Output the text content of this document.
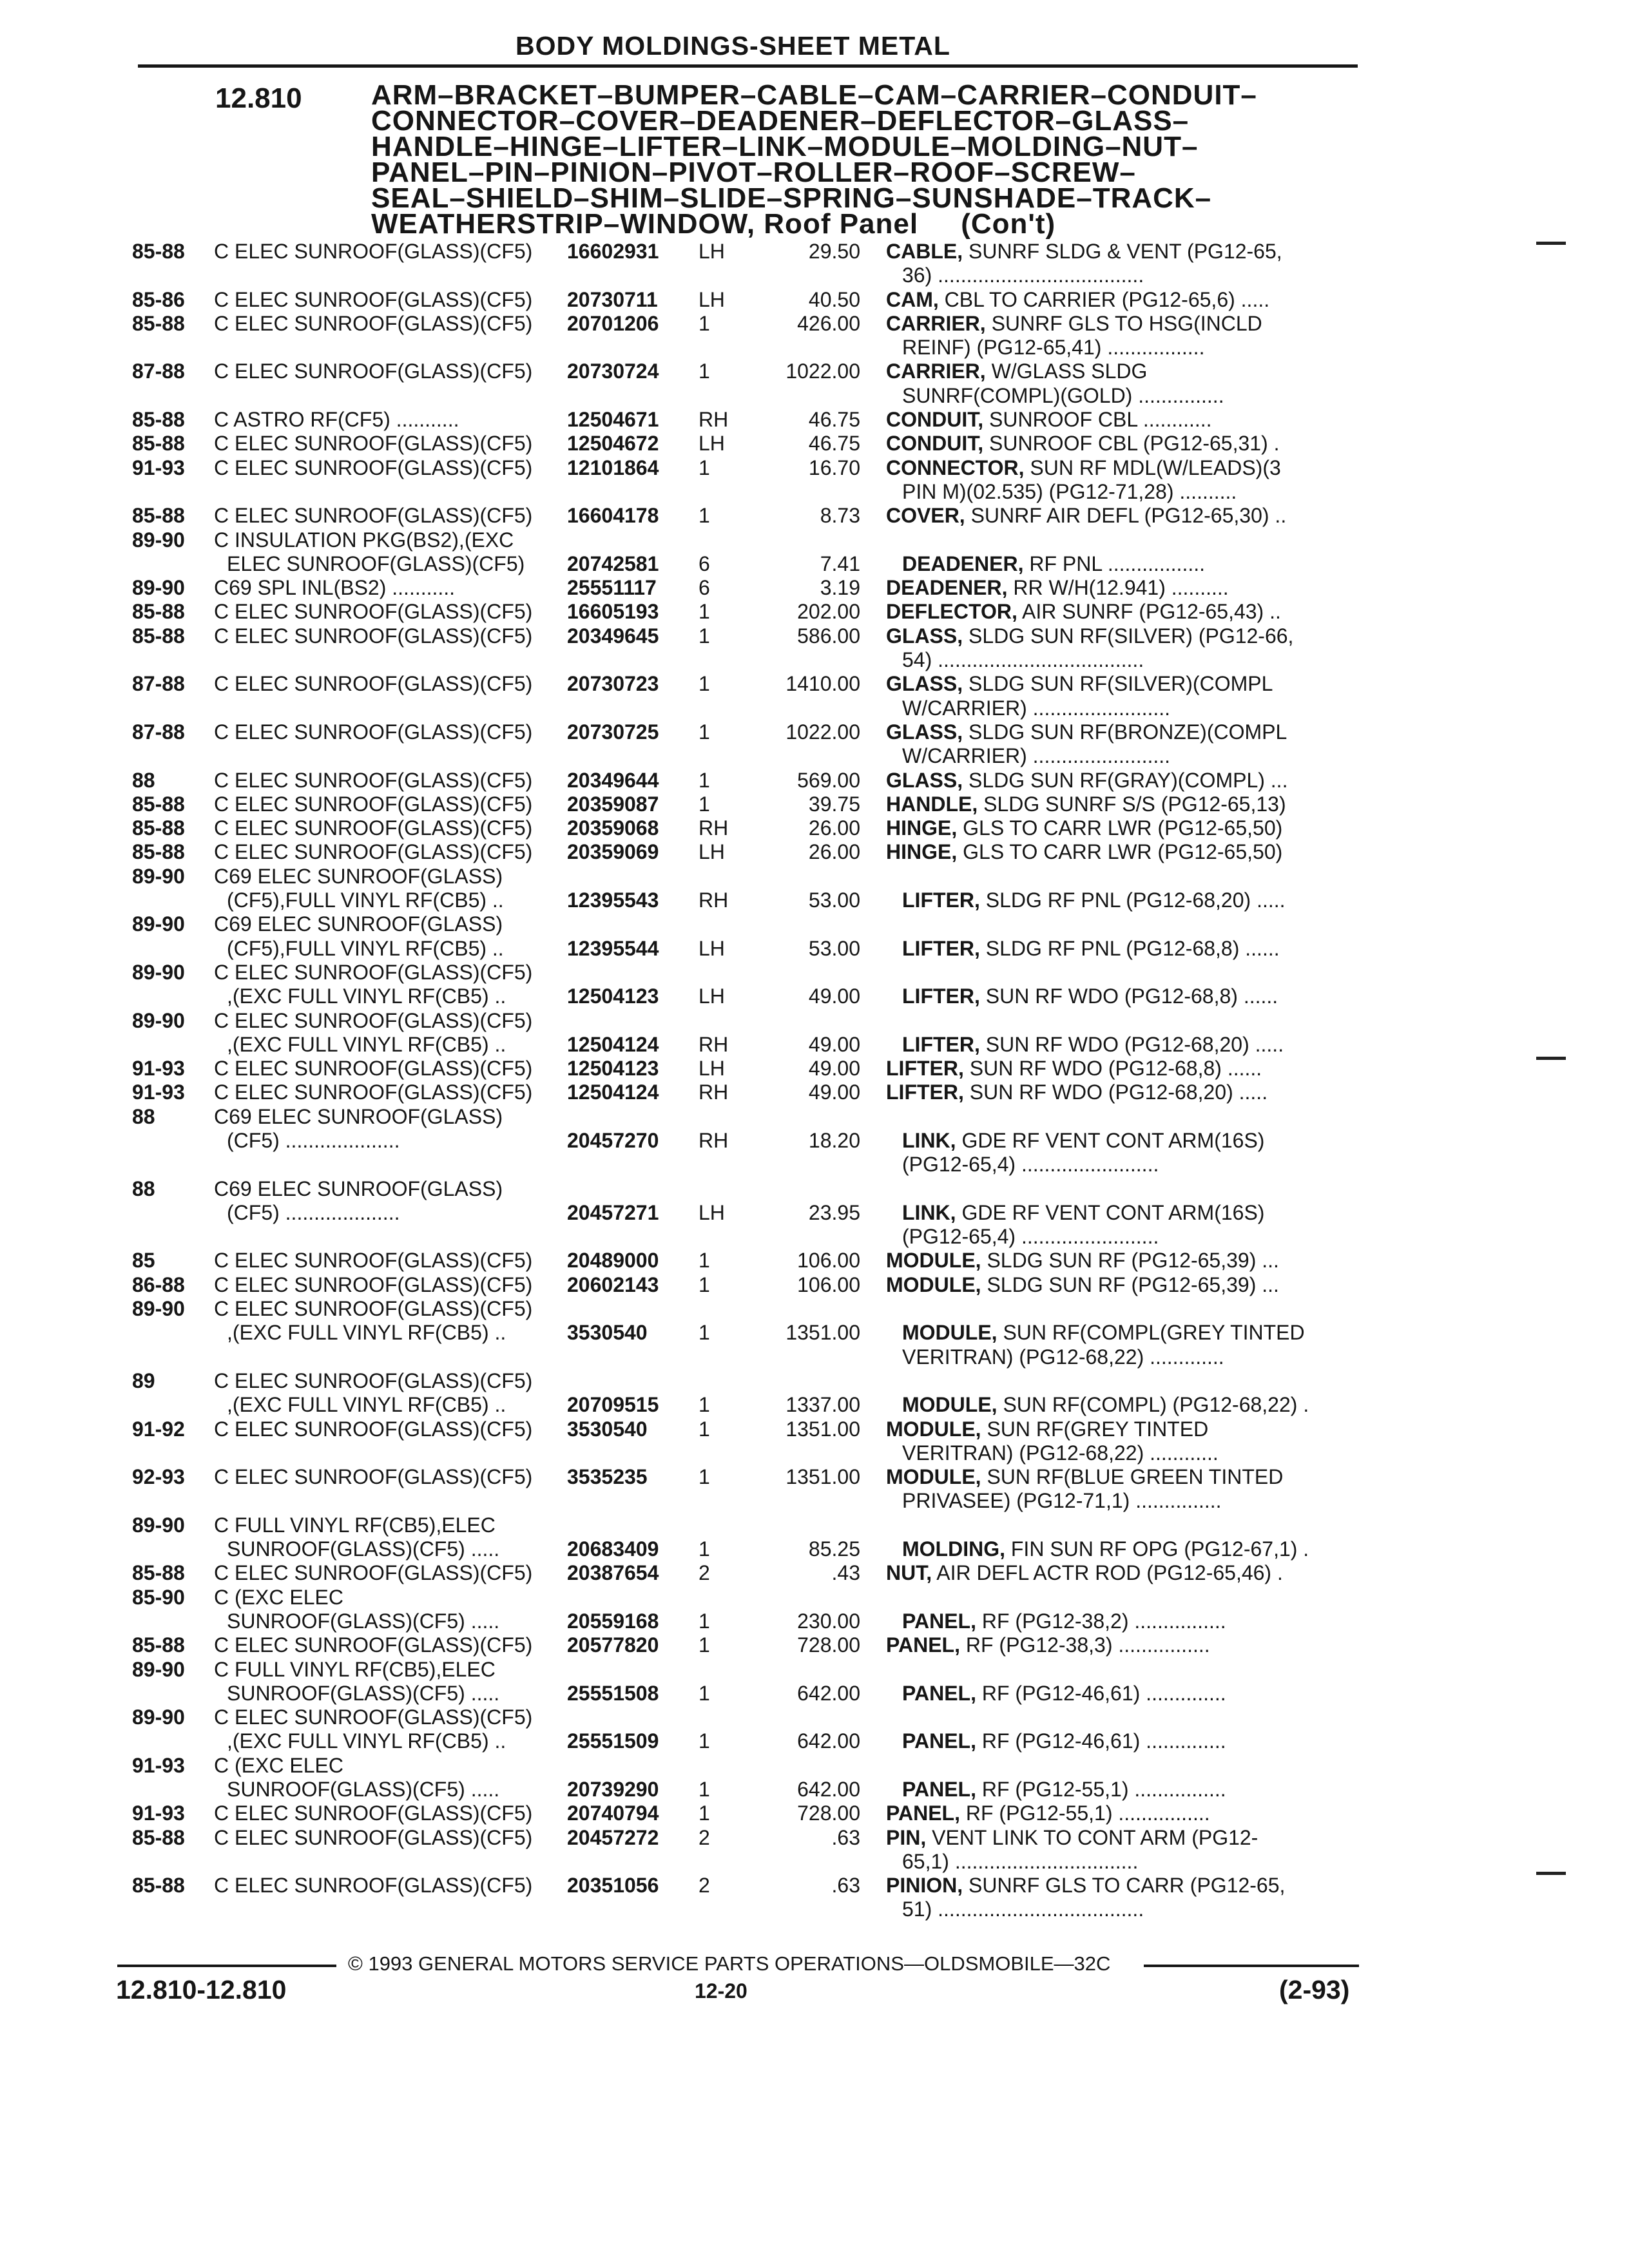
BODY MOLDINGS-SHEET METAL
12.810 ARM–BRACKET–BUMPER–CABLE–CAM–CARRIER–CONDUIT–
CONNECTOR–COVER–DEADENER–DEFLECTOR–GLASS–
HANDLE–HINGE–LIFTER–LINK–MODULE–MOLDING–NUT–
PANEL–PIN–PINION–PIVOT–ROLLER–ROOF–SCREW–
SEAL–SHIELD–SHIM–SLIDE–SPRING–SUNSHADE–TRACK–
WEATHERSTRIP–WINDOW, Roof Panel     (Con't)
85-88 C ELEC SUNROOF(GLASS)(CF5) 16602931 LH	29.50 CABLE, SUNRF SLDG & VENT (PG12-65,
36) ....................................
85-86 C ELEC SUNROOF(GLASS)(CF5) 20730711 LH	40.50 CAM, CBL TO CARRIER (PG12-65,6) .....
85-88 C ELEC SUNROOF(GLASS)(CF5) 20701206 1	426.00 CARRIER, SUNRF GLS TO HSG(INCLD
REINF) (PG12-65,41) .................
87-88 C ELEC SUNROOF(GLASS)(CF5) 20730724 1	1022.00 CARRIER, W/GLASS SLDG
SUNRF(COMPL)(GOLD) ...............
85-88 C ASTRO RF(CF5) ...........	12504671 RH	46.75 CONDUIT, SUNROOF CBL ............
85-88 C ELEC SUNROOF(GLASS)(CF5) 12504672 LH	46.75 CONDUIT, SUNROOF CBL (PG12-65,31) .
91-93 C ELEC SUNROOF(GLASS)(CF5) 12101864 1	16.70 CONNECTOR, SUN RF MDL(W/LEADS)(3
PIN M)(02.535) (PG12-71,28) ..........
85-88 C ELEC SUNROOF(GLASS)(CF5) 16604178 1	8.73 COVER, SUNRF AIR DEFL (PG12-65,30) ..
89-90 C INSULATION PKG(BS2),(EXC
ELEC SUNROOF(GLASS)(CF5) 20742581 6	7.41 DEADENER, RF PNL .................
89-90 C69 SPL INL(BS2) ...........	25551117 6	3.19 DEADENER, RR W/H(12.941) ..........
85-88 C ELEC SUNROOF(GLASS)(CF5) 16605193 1	202.00 DEFLECTOR, AIR SUNRF (PG12-65,43) ..
85-88 C ELEC SUNROOF(GLASS)(CF5) 20349645 1	586.00 GLASS, SLDG SUN RF(SILVER) (PG12-66,
54) ....................................
87-88 C ELEC SUNROOF(GLASS)(CF5) 20730723 1	1410.00 GLASS, SLDG SUN RF(SILVER)(COMPL
W/CARRIER) ........................
87-88 C ELEC SUNROOF(GLASS)(CF5) 20730725 1	1022.00 GLASS, SLDG SUN RF(BRONZE)(COMPL
W/CARRIER) ........................
88	C ELEC SUNROOF(GLASS)(CF5) 20349644 1	569.00 GLASS, SLDG SUN RF(GRAY)(COMPL) ...
85-88 C ELEC SUNROOF(GLASS)(CF5) 20359087 1	39.75 HANDLE, SLDG SUNRF S/S (PG12-65,13)
85-88 C ELEC SUNROOF(GLASS)(CF5) 20359068 RH	26.00 HINGE, GLS TO CARR LWR (PG12-65,50)
85-88 C ELEC SUNROOF(GLASS)(CF5) 20359069 LH	26.00 HINGE, GLS TO CARR LWR (PG12-65,50)
89-90 C69 ELEC SUNROOF(GLASS)
(CF5),FULL VINYL RF(CB5) ..	12395543 RH	53.00 LIFTER, SLDG RF PNL (PG12-68,20) .....
89-90 C69 ELEC SUNROOF(GLASS)
(CF5),FULL VINYL RF(CB5) ..	12395544 LH	53.00 LIFTER, SLDG RF PNL (PG12-68,8) ......
89-90 C ELEC SUNROOF(GLASS)(CF5)
,(EXC FULL VINYL RF(CB5) ..	12504123 LH	49.00 LIFTER, SUN RF WDO (PG12-68,8) ......
89-90 C ELEC SUNROOF(GLASS)(CF5)
,(EXC FULL VINYL RF(CB5) ..	12504124 RH	49.00 LIFTER, SUN RF WDO (PG12-68,20) .....
91-93 C ELEC SUNROOF(GLASS)(CF5) 12504123 LH	49.00 LIFTER, SUN RF WDO (PG12-68,8) ......
91-93 C ELEC SUNROOF(GLASS)(CF5) 12504124 RH	49.00 LIFTER, SUN RF WDO (PG12-68,20) .....
88	C69 ELEC SUNROOF(GLASS)
(CF5) ....................	20457270 RH	18.20 LINK, GDE RF VENT CONT ARM(16S)
(PG12-65,4) ........................
88	C69 ELEC SUNROOF(GLASS)
(CF5) ....................	20457271 LH	23.95 LINK, GDE RF VENT CONT ARM(16S)
(PG12-65,4) ........................
85	C ELEC SUNROOF(GLASS)(CF5) 20489000 1	106.00 MODULE, SLDG SUN RF (PG12-65,39) ...
86-88 C ELEC SUNROOF(GLASS)(CF5) 20602143 1	106.00 MODULE, SLDG SUN RF (PG12-65,39) ...
89-90 C ELEC SUNROOF(GLASS)(CF5)
,(EXC FULL VINYL RF(CB5) ..	3530540 1	1351.00 MODULE, SUN RF(COMPL(GREY TINTED
VERITRAN) (PG12-68,22) .............
89	C ELEC SUNROOF(GLASS)(CF5)
,(EXC FULL VINYL RF(CB5) ..	20709515 1	1337.00 MODULE, SUN RF(COMPL) (PG12-68,22) .
91-92 C ELEC SUNROOF(GLASS)(CF5) 3530540 1	1351.00 MODULE, SUN RF(GREY TINTED
VERITRAN) (PG12-68,22) ............
92-93 C ELEC SUNROOF(GLASS)(CF5) 3535235 1	1351.00 MODULE, SUN RF(BLUE GREEN TINTED
PRIVASEE) (PG12-71,1) ...............
89-90 C FULL VINYL RF(CB5),ELEC
SUNROOF(GLASS)(CF5) .....	20683409 1	85.25 MOLDING, FIN SUN RF OPG (PG12-67,1) .
85-88 C ELEC SUNROOF(GLASS)(CF5) 20387654 2	.43 NUT, AIR DEFL ACTR ROD (PG12-65,46) .
85-90 C (EXC ELEC
SUNROOF(GLASS)(CF5) .....	20559168 1	230.00 PANEL, RF (PG12-38,2) ................
85-88 C ELEC SUNROOF(GLASS)(CF5) 20577820 1	728.00 PANEL, RF (PG12-38,3) ................
89-90 C FULL VINYL RF(CB5),ELEC
SUNROOF(GLASS)(CF5) .....	25551508 1	642.00 PANEL, RF (PG12-46,61) ..............
89-90 C ELEC SUNROOF(GLASS)(CF5)
,(EXC FULL VINYL RF(CB5) ..	25551509 1	642.00 PANEL, RF (PG12-46,61) ..............
91-93 C (EXC ELEC
SUNROOF(GLASS)(CF5) .....	20739290 1	642.00 PANEL, RF (PG12-55,1) ................
91-93 C ELEC SUNROOF(GLASS)(CF5) 20740794 1	728.00 PANEL, RF (PG12-55,1) ................
85-88 C ELEC SUNROOF(GLASS)(CF5) 20457272 2	.63 PIN, VENT LINK TO CONT ARM (PG12-
65,1) ................................
85-88 C ELEC SUNROOF(GLASS)(CF5) 20351056 2	.63 PINION, SUNRF GLS TO CARR (PG12-65,
51) ....................................
© 1993 GENERAL MOTORS SERVICE PARTS OPERATIONS—OLDSMOBILE—32C
12.810-12.810	12-20	(2-93)
